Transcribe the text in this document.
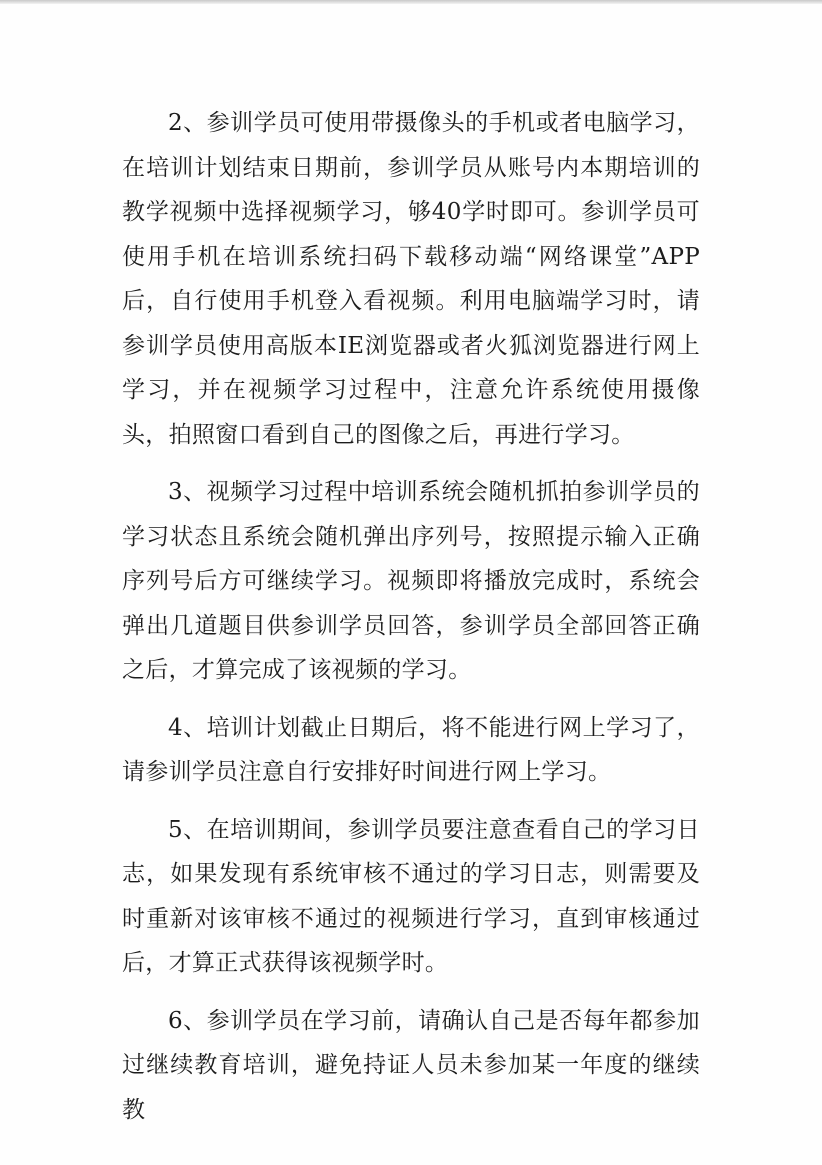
2、参训学员可使用带摄像头的手机或者电脑学习，在培训计划结束日期前，参训学员从账号内本期培训的教学视频中选择视频学习，够40学时即可。参训学员可使用手机在培训系统扫码下载移动端“网络课堂”APP后，自行使用手机登入看视频。利用电脑端学习时，请参训学员使用高版本IE浏览器或者火狐浏览器进行网上学习，并在视频学习过程中，注意允许系统使用摄像头，拍照窗口看到自己的图像之后，再进行学习。

3、视频学习过程中培训系统会随机抓拍参训学员的学习状态且系统会随机弹出序列号，按照提示输入正确序列号后方可继续学习。视频即将播放完成时，系统会弹出几道题目供参训学员回答，参训学员全部回答正确之后，才算完成了该视频的学习。

4、培训计划截止日期后，将不能进行网上学习了，请参训学员注意自行安排好时间进行网上学习。

5、在培训期间，参训学员要注意查看自己的学习日志，如果发现有系统审核不通过的学习日志，则需要及时重新对该审核不通过的视频进行学习，直到审核通过后，才算正式获得该视频学时。

6、参训学员在学习前，请确认自己是否每年都参加过继续教育培训，避免持证人员未参加某一年度的继续教
